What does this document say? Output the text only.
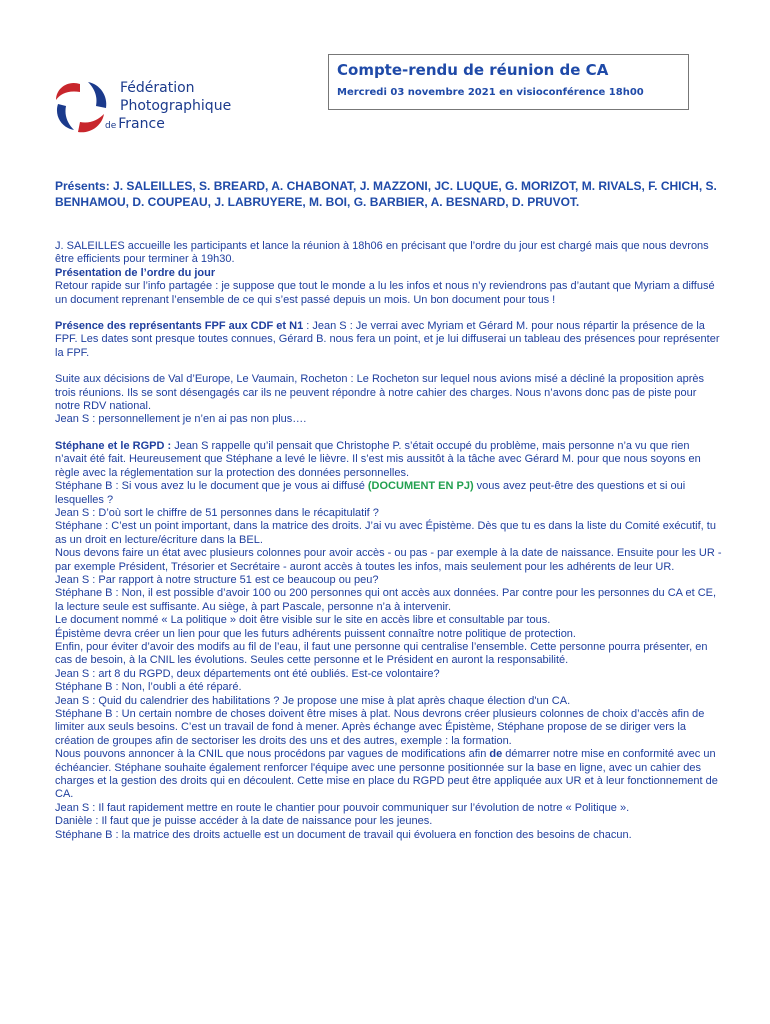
Fédération
Photographique
de France
Compte-rendu de réunion de CA
Mercredi 03 novembre 2021 en visioconférence 18h00
Présents: J. SALEILLES, S. BREARD, A. CHABONAT, J. MAZZONI, JC. LUQUE, G. MORIZOT, M. RIVALS, F. CHICH, S. BENHAMOU, D. COUPEAU, J. LABRUYERE, M. BOI, G. BARBIER, A. BESNARD, D. PRUVOT.

J. SALEILLES accueille les participants et lance la réunion à 18h06 en précisant que l’ordre du jour est chargé mais que nous devrons être efficients pour terminer à 19h30.

Présentation de l’ordre du jour

Retour rapide sur l’info partagée : je suppose que tout le monde a lu les infos et nous n’y reviendrons pas d’autant que Myriam a diffusé un document reprenant l’ensemble de ce qui s’est passé depuis un mois. Un bon document pour tous !

Présence des représentants FPF aux CDF et N1 : Jean S : Je verrai avec Myriam et Gérard M. pour nous répartir la présence de la FPF. Les dates sont presque toutes connues, Gérard B. nous fera un point, et je lui diffuserai un tableau des présences pour représenter la FPF.

Suite aux décisions de Val d’Europe, Le Vaumain, Rocheton : Le Rocheton sur lequel nous avions misé a décliné la proposition après trois réunions. Ils se sont désengagés car ils ne peuvent répondre à notre cahier des charges. Nous n’avons donc pas de piste pour notre RDV national.

Jean S : personnellement je n’en ai pas non plus….

Stéphane et le RGPD : Jean S rappelle qu’il pensait que Christophe P. s’était occupé du problème, mais personne n’a vu que rien n’avait été fait. Heureusement que Stéphane a levé le lièvre. Il s’est mis aussitôt à la tâche avec Gérard M. pour que nous soyons en règle avec la réglementation sur la protection des données personnelles.

Stéphane B : Si vous avez lu le document que je vous ai diffusé (DOCUMENT EN PJ) vous avez peut-être des questions et si oui lesquelles ?

Jean S : D’où sort le chiffre de 51 personnes dans le récapitulatif ?

Stéphane : C’est un point important, dans la matrice des droits. J’ai vu avec Épistème. Dès que tu es dans la liste du Comité exécutif, tu as un droit en lecture/écriture dans la BEL.

Nous devons faire un état avec plusieurs colonnes pour avoir accès - ou pas - par exemple à la date de naissance. Ensuite pour les UR - par exemple Président, Trésorier et Secrétaire - auront accès à toutes les infos, mais seulement pour les adhérents de leur UR.

Jean S : Par rapport à notre structure 51 est ce beaucoup ou peu?

Stéphane B : Non, il est possible d’avoir 100 ou 200 personnes qui ont accès aux données. Par contre pour les personnes du CA et CE, la lecture seule est suffisante. Au siège, à part Pascale, personne n’a à intervenir.

Le document nommé « La politique » doit être visible sur le site en accès libre et consultable par tous.

Épistème devra créer un lien pour que les futurs adhérents puissent connaître notre politique de protection.

Enfin, pour éviter d’avoir des modifs au fil de l’eau, il faut une personne qui centralise l’ensemble. Cette personne pourra présenter, en cas de besoin, à la CNIL les évolutions. Seules cette personne et le Président en auront la responsabilité.

Jean S : art 8 du RGPD, deux départements ont été oubliés. Est-ce volontaire?

Stéphane B : Non, l’oubli a été réparé.

Jean S : Quid du calendrier des habilitations ? Je propose une mise à plat après chaque élection d'un CA.

Stéphane B : Un certain nombre de choses doivent être mises à plat. Nous devrons créer plusieurs colonnes de choix d’accès afin de limiter aux seuls besoins. C’est un travail de fond à mener. Après échange avec Épistème, Stéphane propose de se diriger vers la création de groupes afin de sectoriser les droits des uns et des autres, exemple : la formation.

Nous pouvons annoncer à la CNIL que nous procédons par vagues de modifications afin de démarrer notre mise en conformité avec un échéancier. Stéphane souhaite également renforcer l'équipe avec une personne positionnée sur la base en ligne, avec un cahier des charges et la gestion des droits qui en découlent. Cette mise en place du RGPD peut être appliquée aux UR et à leur fonctionnement de CA.

Jean S : Il faut rapidement mettre en route le chantier pour pouvoir communiquer sur l’évolution de notre « Politique ».

Danièle : Il faut que je puisse accéder à la date de naissance pour les jeunes.

Stéphane B : la matrice des droits actuelle est un document de travail qui évoluera en fonction des besoins de chacun.
